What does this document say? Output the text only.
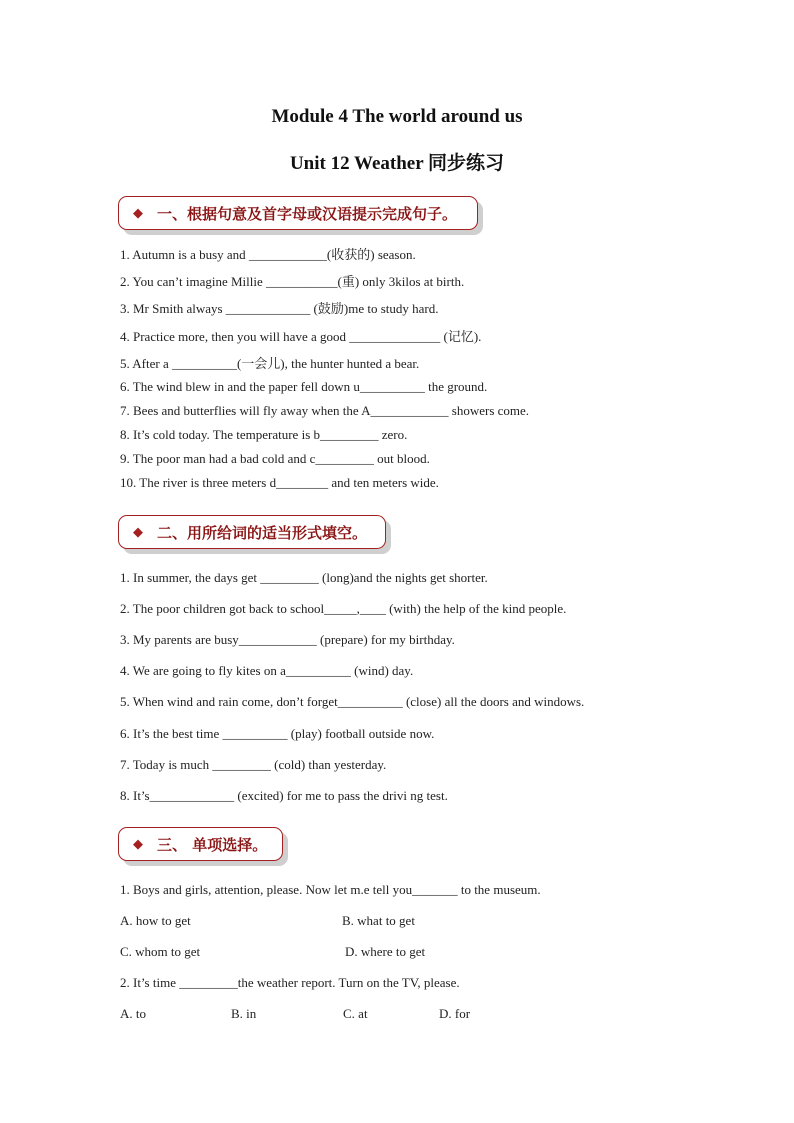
Module 4 The world around us
Unit 12 Weather 同步练习
◆ 一、根据句意及首字母或汉语提示完成句子。
1. Autumn is a busy and ____________(收获的) season.
2. You can’t imagine Millie ___________(重) only 3kilos at birth.
3. Mr Smith always _____________ (鼓励)me to study hard.
4. Practice more, then you will have a good ______________ (记忆).
5. After a __________(一会儿), the hunter hunted a bear.
6. The wind blew in and the paper fell down u__________ the ground.
7. Bees and butterflies will fly away when the A____________ showers come.
8. It’s cold today. The temperature is b_________ zero.
9. The poor man had a bad cold and c_________ out blood.
10. The river is three meters d________ and ten meters wide.
◆ 二、用所给词的适当形式填空。
1. In summer, the days get _________ (long)and the nights get shorter.
2. The poor children got back to school_____,____ (with) the help of the kind people.
3. My parents are busy____________ (prepare) for my birthday.
4. We are going to fly kites on a__________ (wind) day.
5. When wind and rain come, don’t forget__________ (close) all the doors and windows.
6. It’s the best time __________ (play) football outside now.
7. Today is much _________ (cold) than yesterday.
8. It’s_____________ (excited) for me to pass the drivi ng test.
◆ 三、 单项选择。
1. Boys and girls, attention, please. Now let m.e tell you_______ to the museum.
A. how to get	B. what to get
C. whom to get	D. where to get
2. It’s time _________the weather report. Turn on the TV, please.
A. to	B. in	C. at	D. for
